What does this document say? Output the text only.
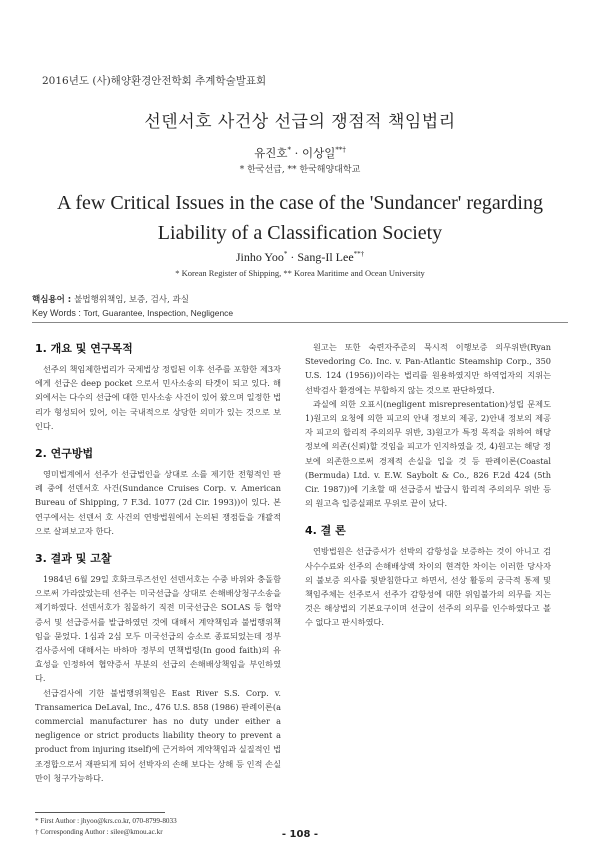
2016년도 (사)해양환경안전학회 추계학술발표회
선덴서호 사건상 선급의 쟁점적 책임법리
유진호* · 이상일**†
* 한국선급, ** 한국해양대학교
A few Critical Issues in the case of the 'Sundancer' regarding Liability of a Classification Society
Jinho Yoo* · Sang-Il Lee**†
* Korean Register of Shipping, ** Korea Maritime and Ocean University
핵심용어 : 불법행위책임, 보증, 검사, 과실
Key Words : Tort, Guarantee, Inspection, Negligence
1. 개요 및 연구목적

선주의 책임제한법리가 국제법상 정립된 이후 선주를 포함한 제3자에게 선급은 deep pocket 으로서 민사소송의 타겟이 되고 있다. 해외에서는 다수의 선급에 대한 민사소송 사건이 있어 왔으며 일정한 법리가 형성되어 있어, 이는 국내적으로 상당한 의미가 있는 것으로 보인다.

2. 연구방법

영미법계에서 선주가 선급법인을 상대로 소를 제기한 전형적인 판례 중에 선덴서호 사건(Sundance Cruises Corp. v. American Bureau of Shipping, 7 F.3d. 1077 (2d Cir. 1993))이 있다. 본 연구에서는 선덴서 호 사건의 연방법원에서 논의된 쟁점들을 개괄적으로 살펴보고자 한다.

3. 결과 및 고찰

1984년 6월 29일 호화크루즈선인 선덴서호는 수중 바위와 충돌함으로써 가라앉았는데 선주는 미국선급을 상대로 손해배상청구소송을 제기하였다. 선덴서호가 침몰하기 직전 미국선급은 SOLAS 등 협약증서 및 선급증서를 발급하였던 것에 대해서 계약책임과 불법행위책임을 묻었다. 1심과 2심 모두 미국선급의 승소로 종료되었는데 정부검사증서에 대해서는 바하마 정부의 면책법령(In good faith)의 유효성을 인정하여 협약증서 부분의 선급의 손해배상책임을 부인하였다.

선급검사에 기한 불법행위책임은 East River S.S. Corp. v. Transamerica DeLaval, Inc., 476 U.S. 858 (1986) 판례이론(a commercial manufacturer has no duty under either a negligence or strict products liability theory to prevent a product from injuring itself)에 근거하여 계약책임과 실질적인 법조경합으로서 재판되게 되어 선박자의 손해 보다는 상해 등 인적 손실만이 청구가능하다.

원고는 또한 숙련자주준의 묵시적 이행보증 의무위반(Ryan Stevedoring Co. Inc. v. Pan-Atlantic Steamship Corp., 350 U.S. 124 (1956))이라는 법리를 원용하였지만 하역업자의 지위는 선박검사 환경에는 부합하지 않는 것으로 판단하였다.

과실에 의한 오표시(negligent misrepresentation)성립 문제도 1)원고의 요청에 의한 피고의 안내 정보의 제공, 2)안내 정보의 제공자 피고의 합리적 주의의무 위반, 3)원고가 특정 목적을 위하여 해당 정보에 의존(신뢰)할 것임을 피고가 인지하였을 것, 4)원고는 해당 정보에 의존한으로써 경제적 손실을 입을 것 등 판례이론(Coastal (Bermuda) Ltd. v. E.W. Saybolt & Co., 826 F.2d 424 (5th Cir. 1987))에 기초할 때 선급증서 발급시 합리적 주의의무 위반 등의 원고측 입증실패로 무위로 끝이 났다.

4. 결 론

연방법원은 선급증서가 선박의 감항성을 보증하는 것이 아니고 검사수수료와 선주의 손해배상액 차이의 현격한 차이는 이러한 당사자의 불보증 의사를 뒷받침한다고 하면서, 선상 활동의 궁극적 통제 및 책임주체는 선주로서 선주가 감항성에 대한 위임불가의 의무를 지는 것은 해상법의 기본요구이며 선급이 선주의 의무를 인수하였다고 볼 수 없다고 판시하였다.

* First Author : jhyoo@krs.co.kr, 070-8799-8033
† Corresponding Author : silee@kmou.ac.kr	- 108 -
